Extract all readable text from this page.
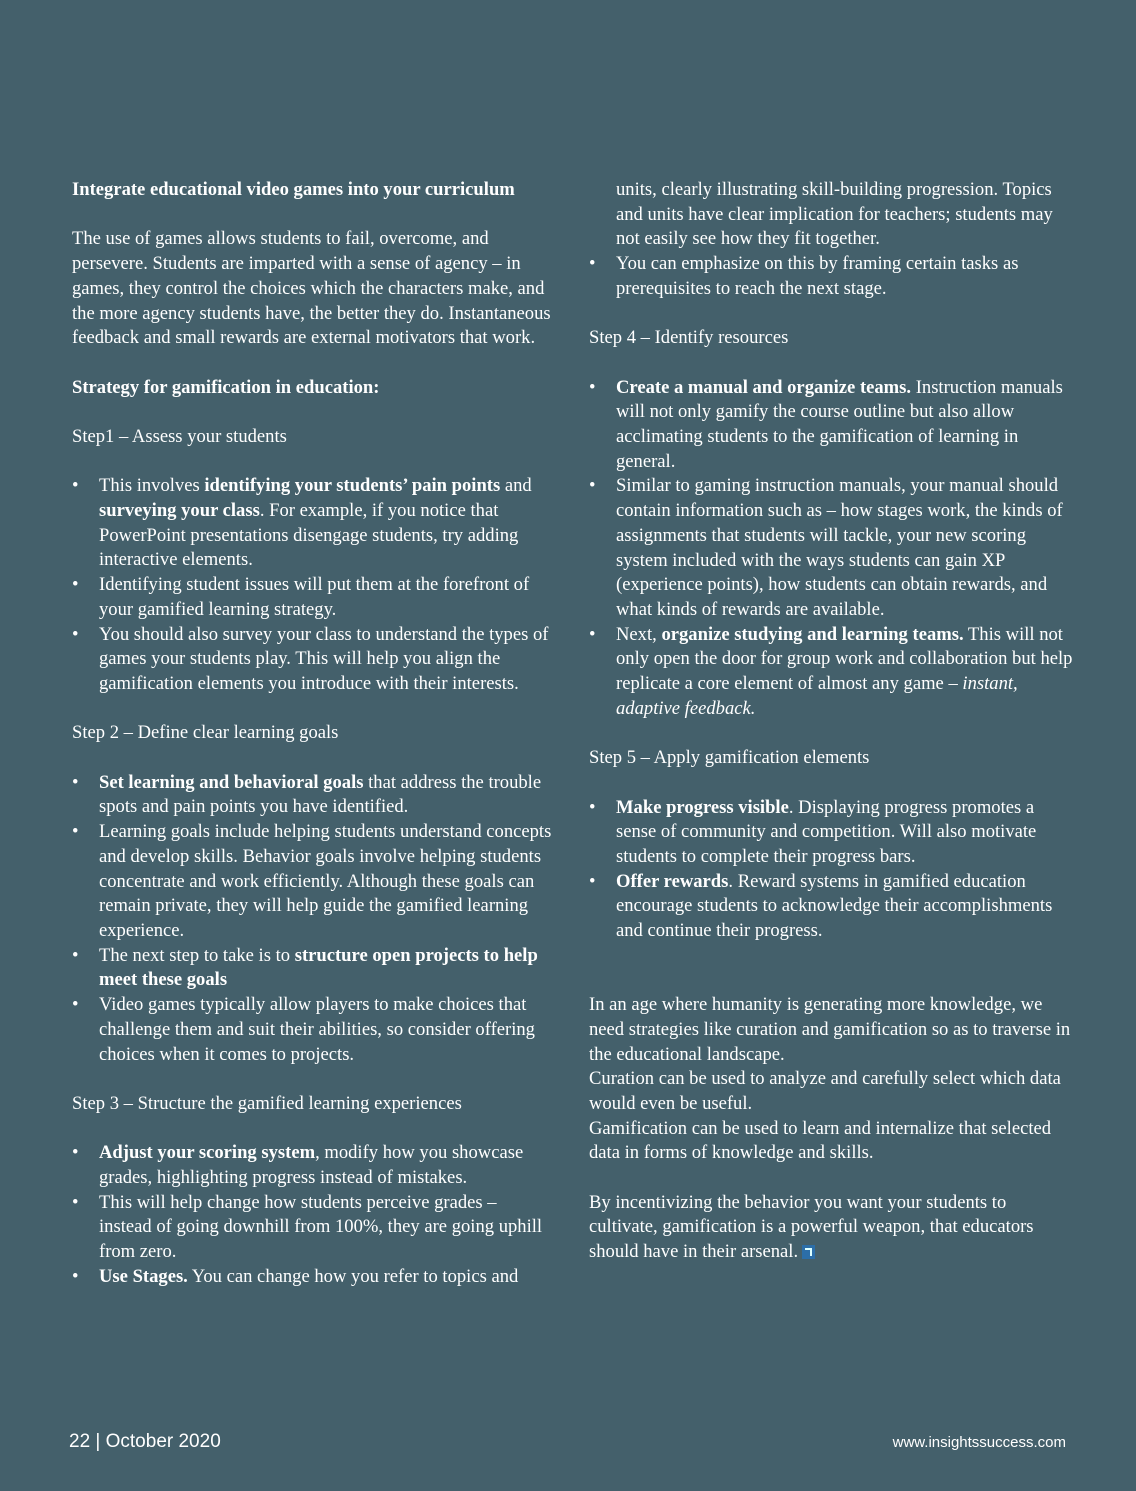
Integrate educational video games into your curriculum

The use of games allows students to fail, overcome, and persevere. Students are imparted with a sense of agency – in games, they control the choices which the characters make, and the more agency students have, the better they do. Instantaneous feedback and small rewards are external motivators that work.

Strategy for gamification in education:

Step1 – Assess your students

• This involves identifying your students’ pain points and surveying your class. For example, if you notice that PowerPoint presentations disengage students, try adding interactive elements.
• Identifying student issues will put them at the forefront of your gamified learning strategy.
• You should also survey your class to understand the types of games your students play. This will help you align the gamification elements you introduce with their interests.

Step 2 – Define clear learning goals

• Set learning and behavioral goals that address the trouble spots and pain points you have identified.
• Learning goals include helping students understand concepts and develop skills. Behavior goals involve helping students concentrate and work efficiently. Although these goals can remain private, they will help guide the gamified learning experience.
• The next step to take is to structure open projects to help meet these goals
• Video games typically allow players to make choices that challenge them and suit their abilities, so consider offering choices when it comes to projects.

Step 3 – Structure the gamified learning experiences

• Adjust your scoring system, modify how you showcase grades, highlighting progress instead of mistakes.
• This will help change how students perceive grades – instead of going downhill from 100%, they are going uphill from zero.
• Use Stages. You can change how you refer to topics and
units, clearly illustrating skill-building progression. Topics and units have clear implication for teachers; students may not easily see how they fit together.
• You can emphasize on this by framing certain tasks as prerequisites to reach the next stage.

Step 4 – Identify resources

• Create a manual and organize teams. Instruction manuals will not only gamify the course outline but also allow acclimating students to the gamification of learning in general.
• Similar to gaming instruction manuals, your manual should contain information such as – how stages work, the kinds of assignments that students will tackle, your new scoring system included with the ways students can gain XP (experience points), how students can obtain rewards, and what kinds of rewards are available.
• Next, organize studying and learning teams. This will not only open the door for group work and collaboration but help replicate a core element of almost any game – instant, adaptive feedback.

Step 5 – Apply gamification elements

• Make progress visible. Displaying progress promotes a sense of community and competition. Will also motivate students to complete their progress bars.
• Offer rewards. Reward systems in gamified education encourage students to acknowledge their accomplishments and continue their progress.

In an age where humanity is generating more knowledge, we need strategies like curation and gamification so as to traverse in the educational landscape.

Curation can be used to analyze and carefully select which data would even be useful.

Gamification can be used to learn and internalize that selected data in forms of knowledge and skills.

By incentivizing the behavior you want your students to cultivate, gamification is a powerful weapon, that educators should have in their arsenal.

22 | October 2020	www.insightssuccess.com
